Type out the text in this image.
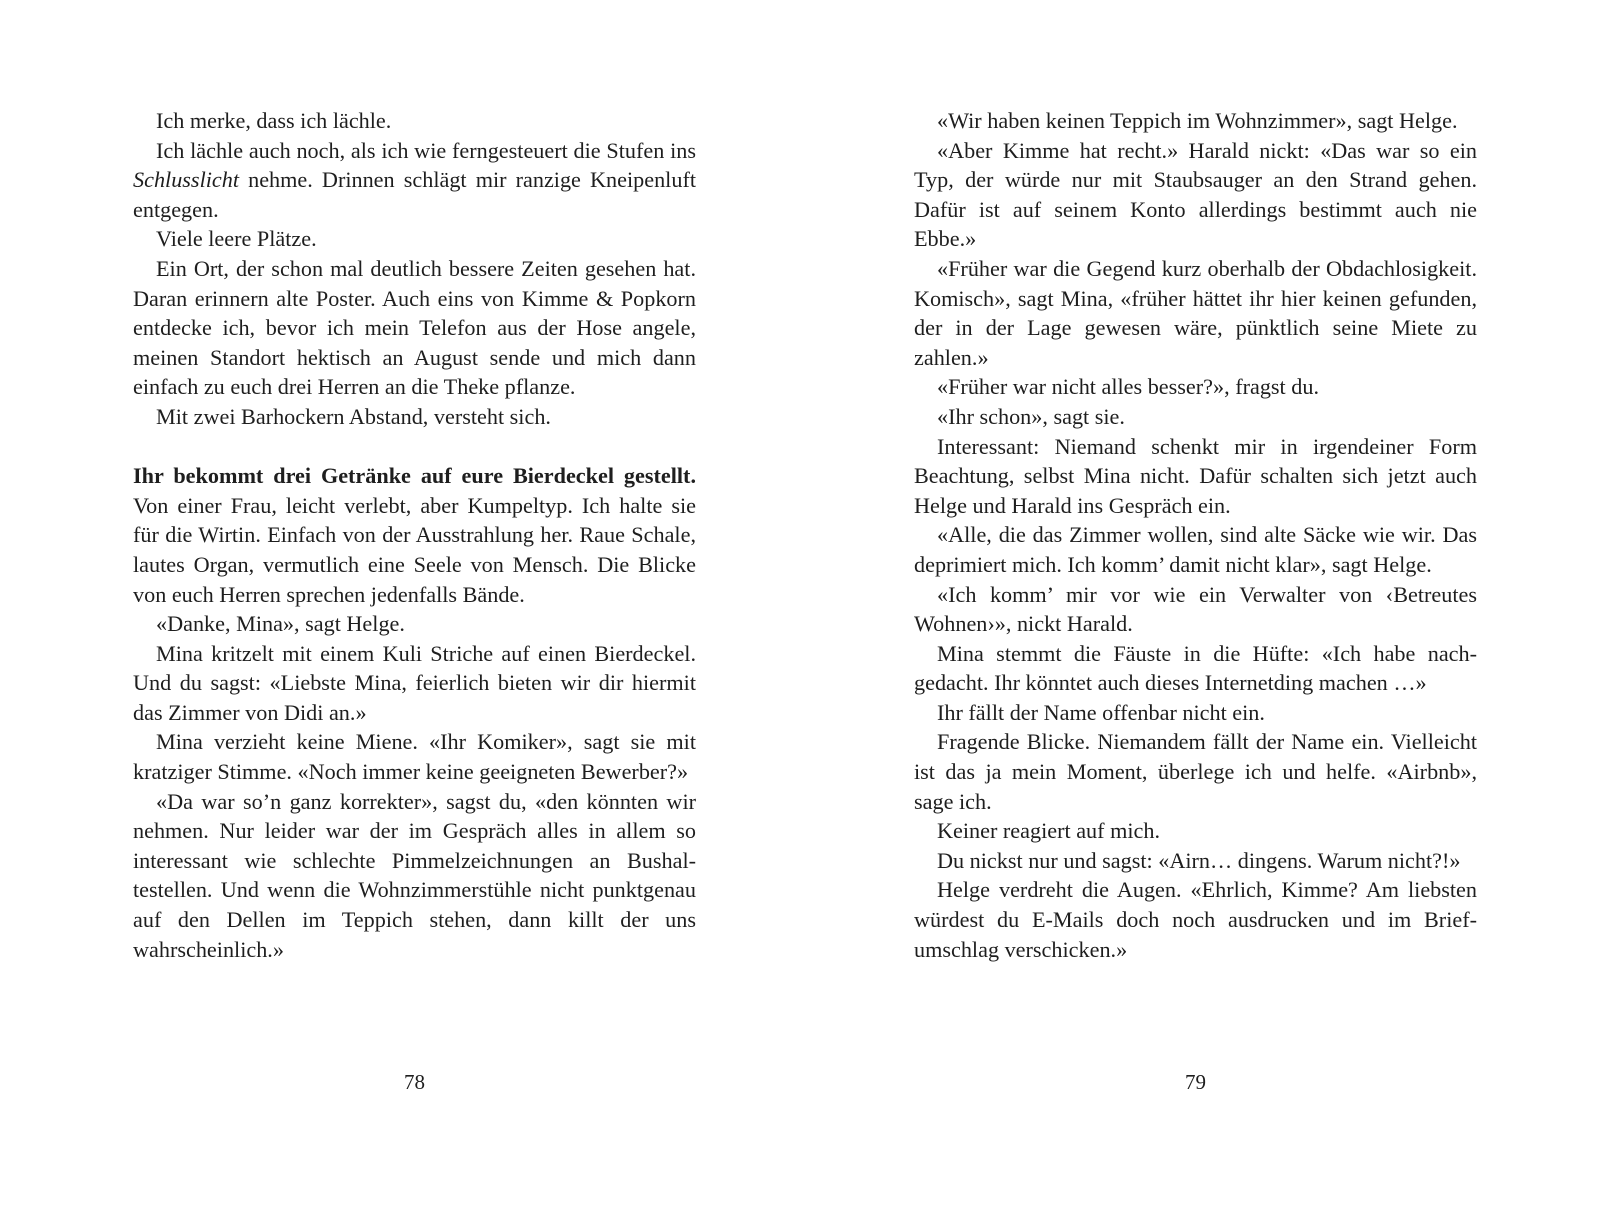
Ich merke, dass ich lächle.

Ich lächle auch noch, als ich wie ferngesteuert die Stufen ins Schlusslicht nehme. Drinnen schlägt mir ranzige Kneipenluft entgegen.

Viele leere Plätze.

Ein Ort, der schon mal deutlich bessere Zeiten gesehen hat. Daran erinnern alte Poster. Auch eins von Kimme & Popkorn entdecke ich, bevor ich mein Telefon aus der Hose angele, meinen Standort hektisch an August sende und mich dann einfach zu euch drei Herren an die Theke pflanze.

Mit zwei Barhockern Abstand, versteht sich.

Ihr bekommt drei Getränke auf eure Bierdeckel gestellt. Von einer Frau, leicht verlebt, aber Kumpeltyp. Ich halte sie für die Wirtin. Einfach von der Ausstrahlung her. Raue Schale, lautes Organ, vermutlich eine Seele von Mensch. Die Blicke von euch Herren sprechen jedenfalls Bände.

«Danke, Mina», sagt Helge.

Mina kritzelt mit einem Kuli Striche auf einen Bierdeckel. Und du sagst: «Liebste Mina, feierlich bieten wir dir hiermit das Zimmer von Didi an.»

Mina verzieht keine Miene. «Ihr Komiker», sagt sie mit kratziger Stimme. «Noch immer keine geeigneten Bewerber?»

«Da war so’n ganz korrekter», sagst du, «den könnten wir nehmen. Nur leider war der im Gespräch alles in allem so interessant wie schlechte Pimmelzeichnungen an Bushaltestellen. Und wenn die Wohnzimmerstühle nicht punktgenau auf den Dellen im Teppich stehen, dann killt der uns wahrscheinlich.»

«Wir haben keinen Teppich im Wohnzimmer», sagt Helge.

«Aber Kimme hat recht.» Harald nickt: «Das war so ein Typ, der würde nur mit Staubsauger an den Strand gehen. Dafür ist auf seinem Konto allerdings bestimmt auch nie Ebbe.»

«Früher war die Gegend kurz oberhalb der Obdachlosigkeit. Komisch», sagt Mina, «früher hättet ihr hier keinen gefunden, der in der Lage gewesen wäre, pünktlich seine Miete zu zahlen.»

«Früher war nicht alles besser?», fragst du.

«Ihr schon», sagt sie.

Interessant: Niemand schenkt mir in irgendeiner Form Beachtung, selbst Mina nicht. Dafür schalten sich jetzt auch Helge und Harald ins Gespräch ein.

«Alle, die das Zimmer wollen, sind alte Säcke wie wir. Das deprimiert mich. Ich komm’ damit nicht klar», sagt Helge.

«Ich komm’ mir vor wie ein Verwalter von ‹Betreutes Wohnen›», nickt Harald.

Mina stemmt die Fäuste in die Hüfte: «Ich habe nachgedacht. Ihr könntet auch dieses Internetding machen …»

Ihr fällt der Name offenbar nicht ein.

Fragende Blicke. Niemandem fällt der Name ein. Vielleicht ist das ja mein Moment, überlege ich und helfe. «Airbnb», sage ich.

Keiner reagiert auf mich.

Du nickst nur und sagst: «Airn… dingens. Warum nicht?!»

Helge verdreht die Augen. «Ehrlich, Kimme? Am liebsten würdest du E-Mails doch noch ausdrucken und im Briefumschlag verschicken.»

78	79
